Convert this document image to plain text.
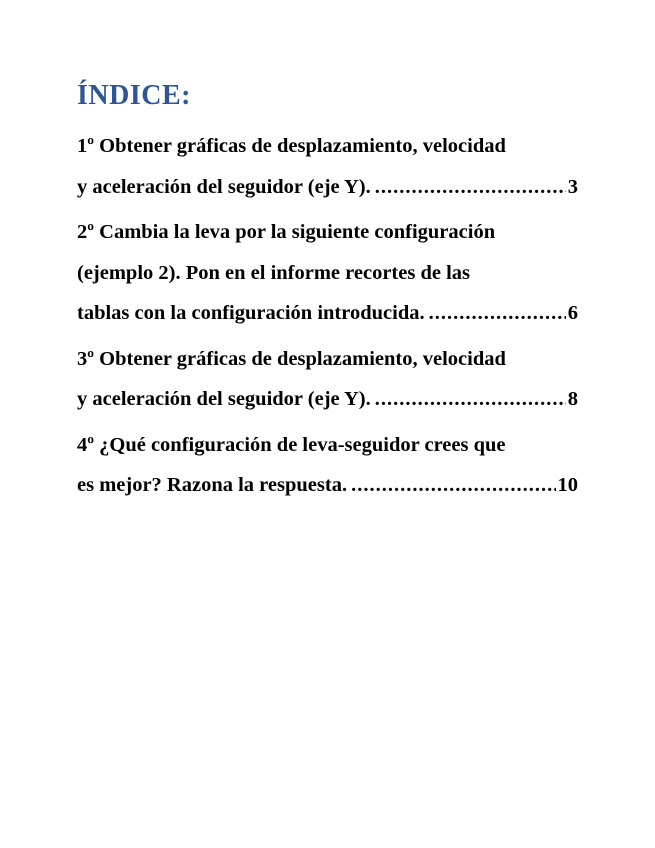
ÍNDICE:
1º Obtener gráficas de desplazamiento, velocidad
y aceleración del seguidor (eje Y). .....	3
2º Cambia la leva por la siguiente configuración
(ejemplo 2). Pon en el informe recortes de las
tablas con la configuración introducida. .....	6
3º Obtener gráficas de desplazamiento, velocidad
y aceleración del seguidor (eje Y). .....	8
4º ¿Qué configuración de leva-seguidor crees que
es mejor? Razona la respuesta. .....	10
